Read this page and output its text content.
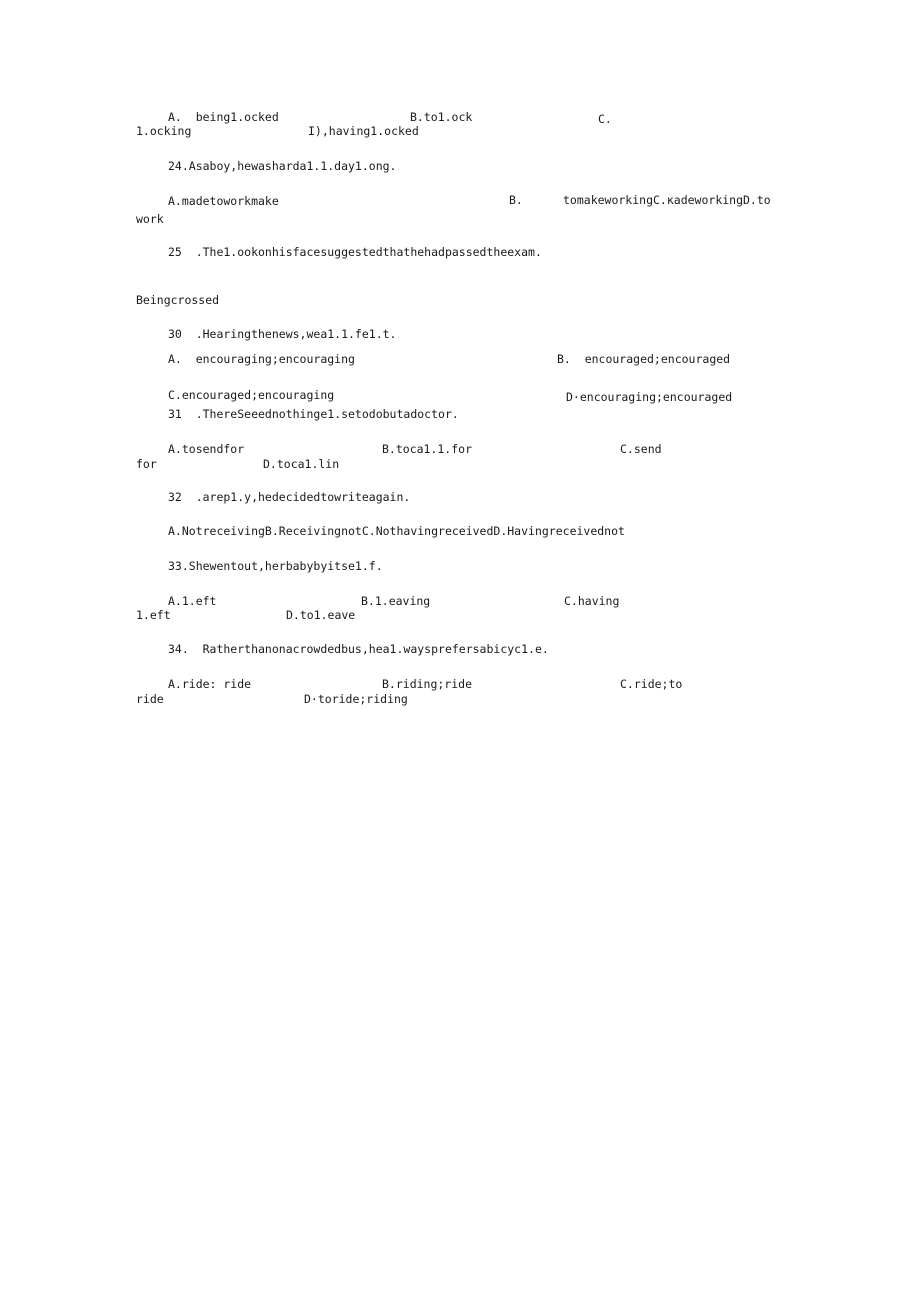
A.  being1.ocked	B.to1.ock	C.
1.ocking	I),having1.ocked
24.Asaboy,hewasharda1.1.day1.ong.
A.madetoworkmake	B.	tomakeworkingC.кadeworkingD.to
work
25  .The1.ookonhisfacesuggestedthathehadpassedtheexam.
Beingcrossed
30  .Hearingthenews,wea1.1.fe1.t.
A.  encouraging;encouraging	B.  encouraged;encouraged
C.encouraged;encouraging	D·encouraging;encouraged
31  .ThereSeeednothinge1.setodobutadoctor.
A.tosendfor	B.toca1.1.for	C.send
for	D.toca1.lin
32  .arep1.y,hedecidedtowriteagain.
A.NotreceivingB.ReceivingnotC.NothavingreceivedD.Havingreceivednot
33.Shewentout,herbabybyitse1.f.
A.1.eft	B.1.eaving	C.having
1.eft	D.to1.eave
34.  Ratherthanonacrowdedbus,hea1.waysprefersabicyc1.e.
A.ride: ride	B.riding;ride	C.ride;to
ride	D·toride;riding
